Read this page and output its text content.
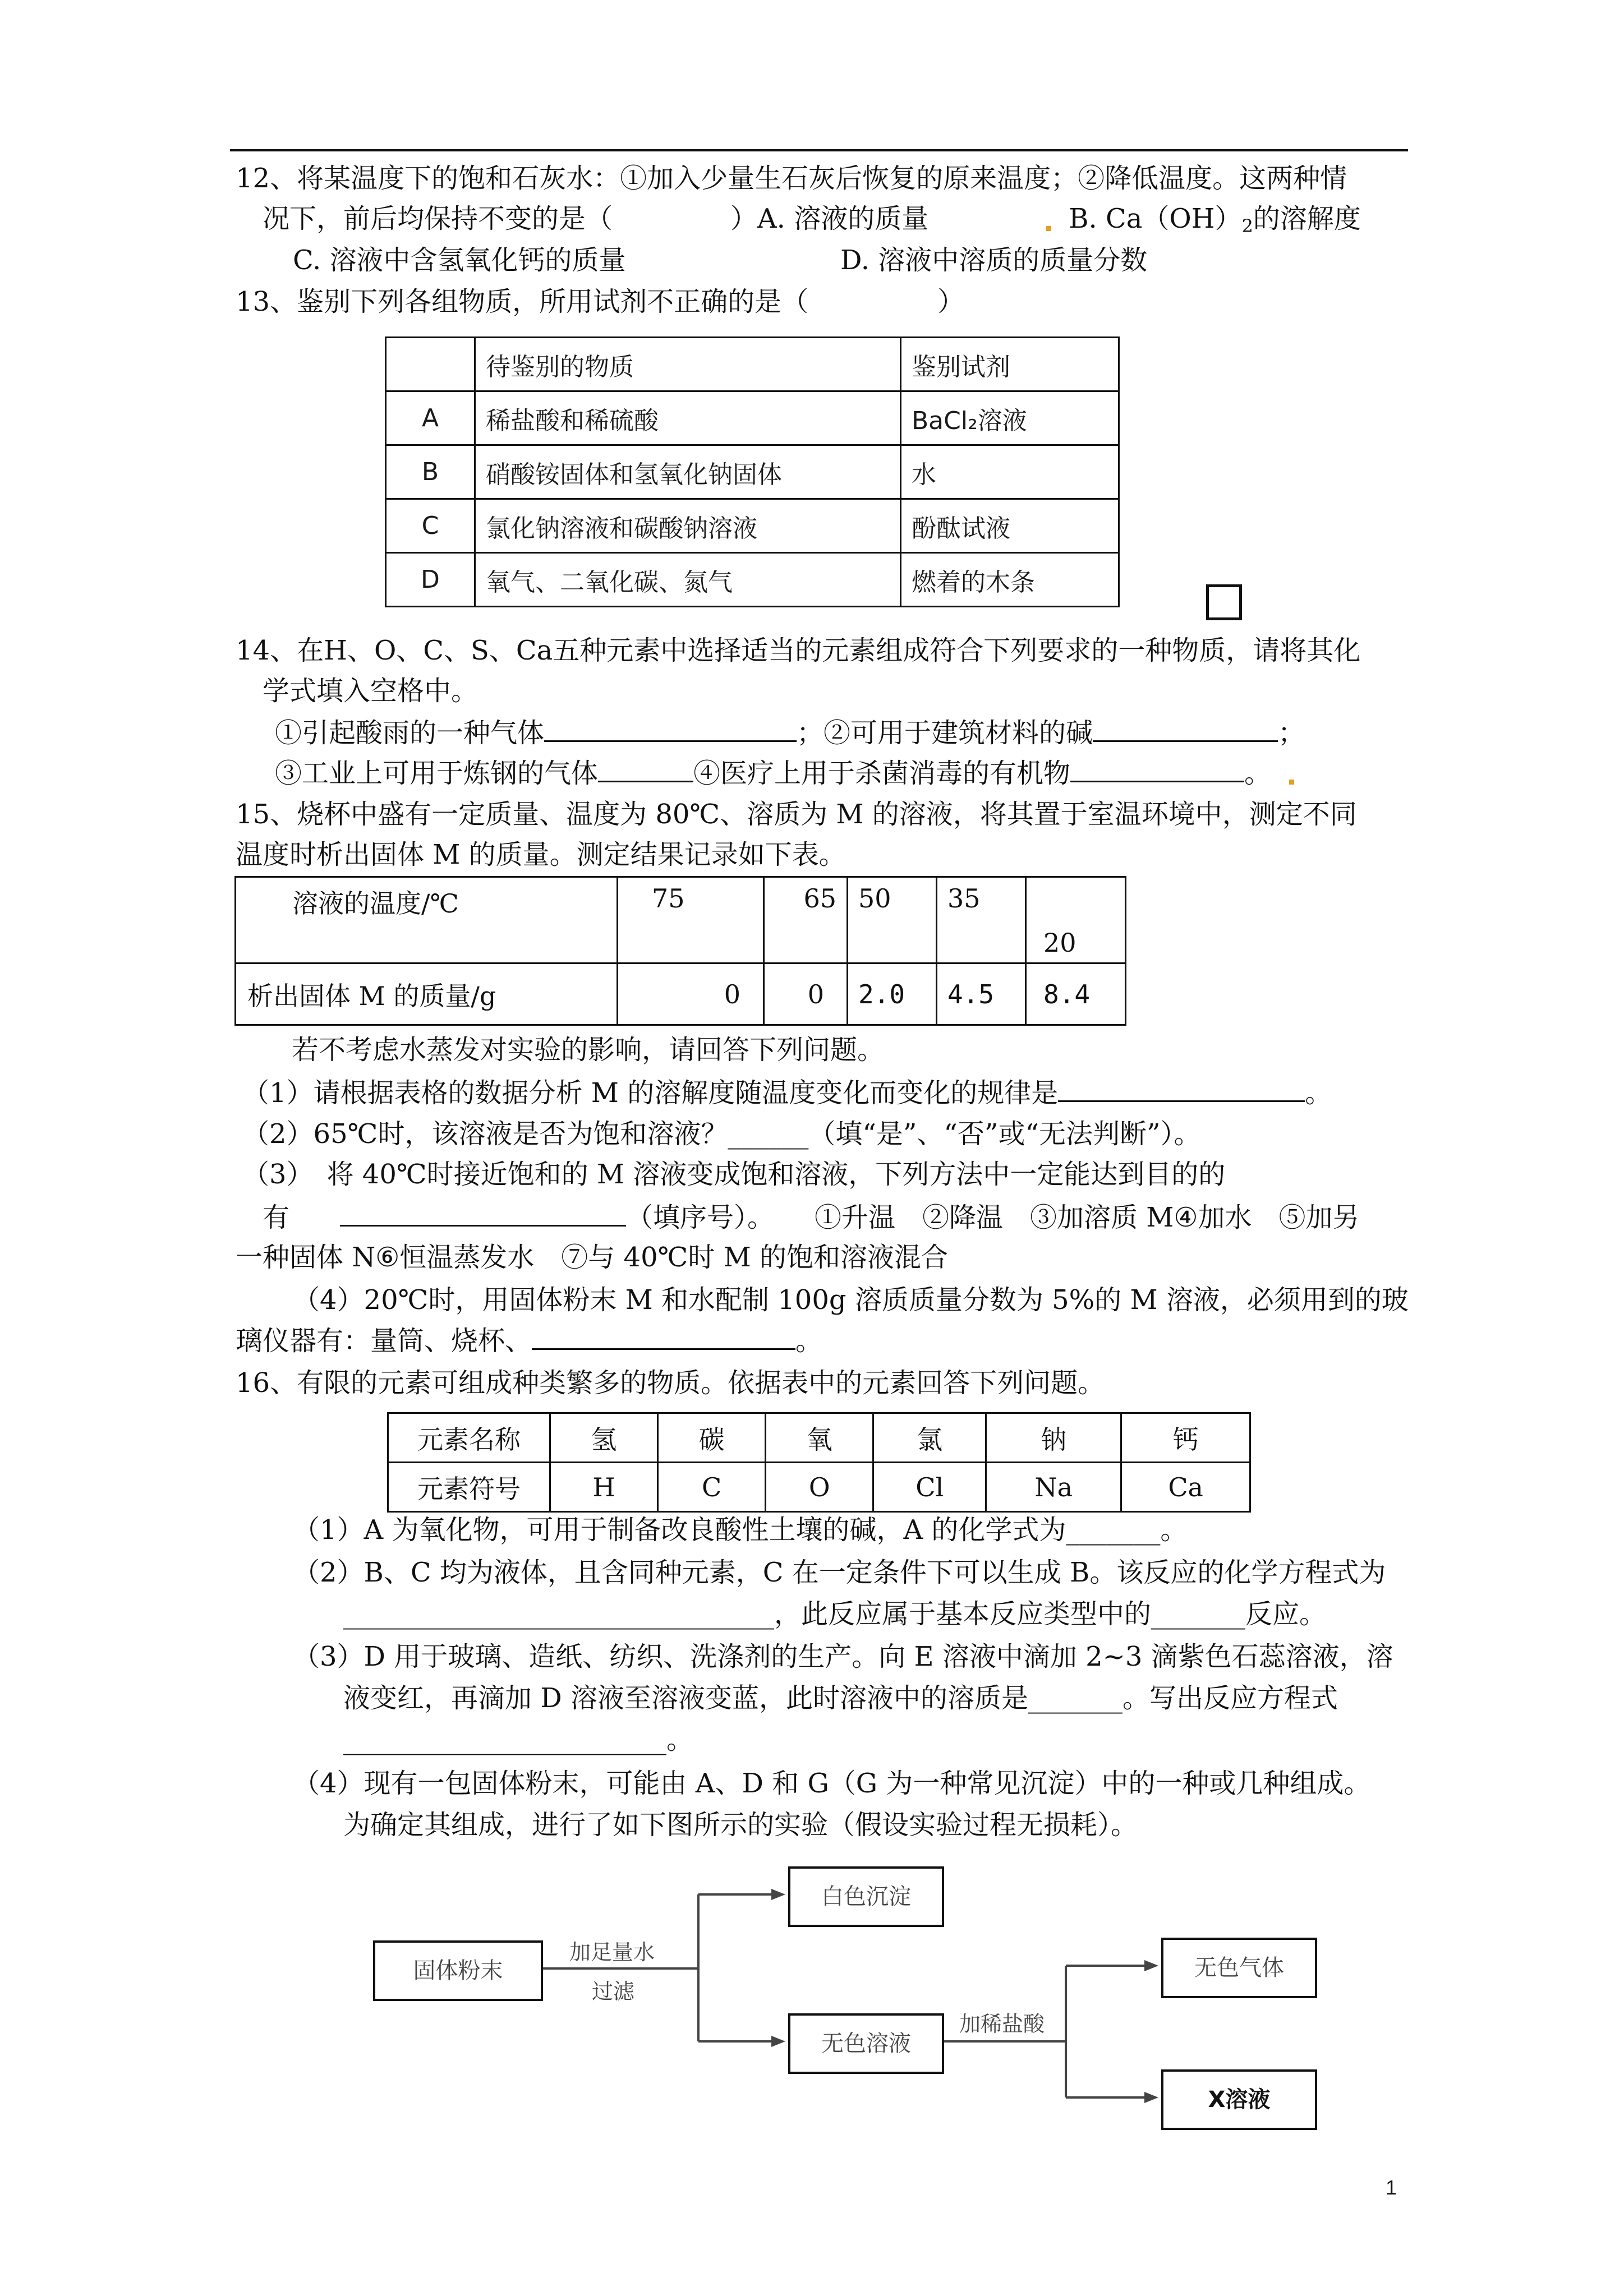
12、将某温度下的饱和石灰水：①加入少量生石灰后恢复的原来温度；②降低温度。这两种情
况下，前后均保持不变的是（	）A. 溶液的质量	B. $Ca(OH)_2$的溶解度
C. 溶液中含氢氧化钙的质量	D. 溶液中溶质的质量分数
13、鉴别下列各组物质，所用试剂不正确的是（	）
	待鉴别的物质	鉴别试剂
A	稀盐酸和稀硫酸	BaCl₂溶液
B	硝酸铵固体和氢氧化钠固体	水
C	氯化钠溶液和碳酸钠溶液	酚酞试液
D	氧气、二氧化碳、氮气	燃着的木条
14、在H、O、C、S、Ca五种元素中选择适当的元素组成符合下列要求的一种物质，请将其化
学式填入空格中。
①引起酸雨的一种气体	；②可用于建筑材料的碱	；
③工业上可用于炼钢的气体	④医疗上用于杀菌消毒的有机物	。
15、烧杯中盛有一定质量、温度为 80℃、溶质为 M 的溶液，将其置于室温环境中，测定不同
温度时析出固体 M 的质量。测定结果记录如下表。
溶液的温度/℃	75	65	50	35	20
析出固体 M 的质量/g	0	0	2.0	4.5	8.4
若不考虑水蒸发对实验的影响，请回答下列问题。
（1）请根据表格的数据分析 M 的溶解度随温度变化而变化的规律是	。
（2）65℃时，该溶液是否为饱和溶液？______（填“是”、“否”或“无法判断”）。
（3）　将 40℃时接近饱和的 M 溶液变成饱和溶液，下列方法中一定能达到目的的
有	（填序号）。　　①升温　②降温　③加溶质 M④加水　⑤加另
一种固体 N⑥恒温蒸发水　⑦与 40℃时 M 的饱和溶液混合
（4）20℃时，用固体粉末 M 和水配制 100g 溶质质量分数为 5%的 M 溶液，必须用到的玻
璃仪器有：量筒、烧杯、	。
16、有限的元素可组成种类繁多的物质。依据表中的元素回答下列问题。
元素名称	氢	碳	氧	氯	钠	钙
元素符号	H	C	O	Cl	Na	Ca
（1）A 为氧化物，可用于制备改良酸性土壤的碱，A 的化学式为_______。
（2）B、C 均为液体，且含同种元素，C 在一定条件下可以生成 B。该反应的化学方程式为
________________________________，此反应属于基本反应类型中的_______反应。
（3）D 用于玻璃、造纸、纺织、洗涤剂的生产。向 E 溶液中滴加 2~3 滴紫色石蕊溶液，溶
液变红，再滴加 D 溶液至溶液变蓝，此时溶液中的溶质是_______。写出反应方程式
________________________。
（4）现有一包固体粉末，可能由 A、D 和 G（G 为一种常见沉淀）中的一种或几种组成。
为确定其组成，进行了如下图所示的实验（假设实验过程无损耗）。
固体粉末
加足量水
过滤
白色沉淀
无色溶液
加稀盐酸
无色气体
X溶液
1
